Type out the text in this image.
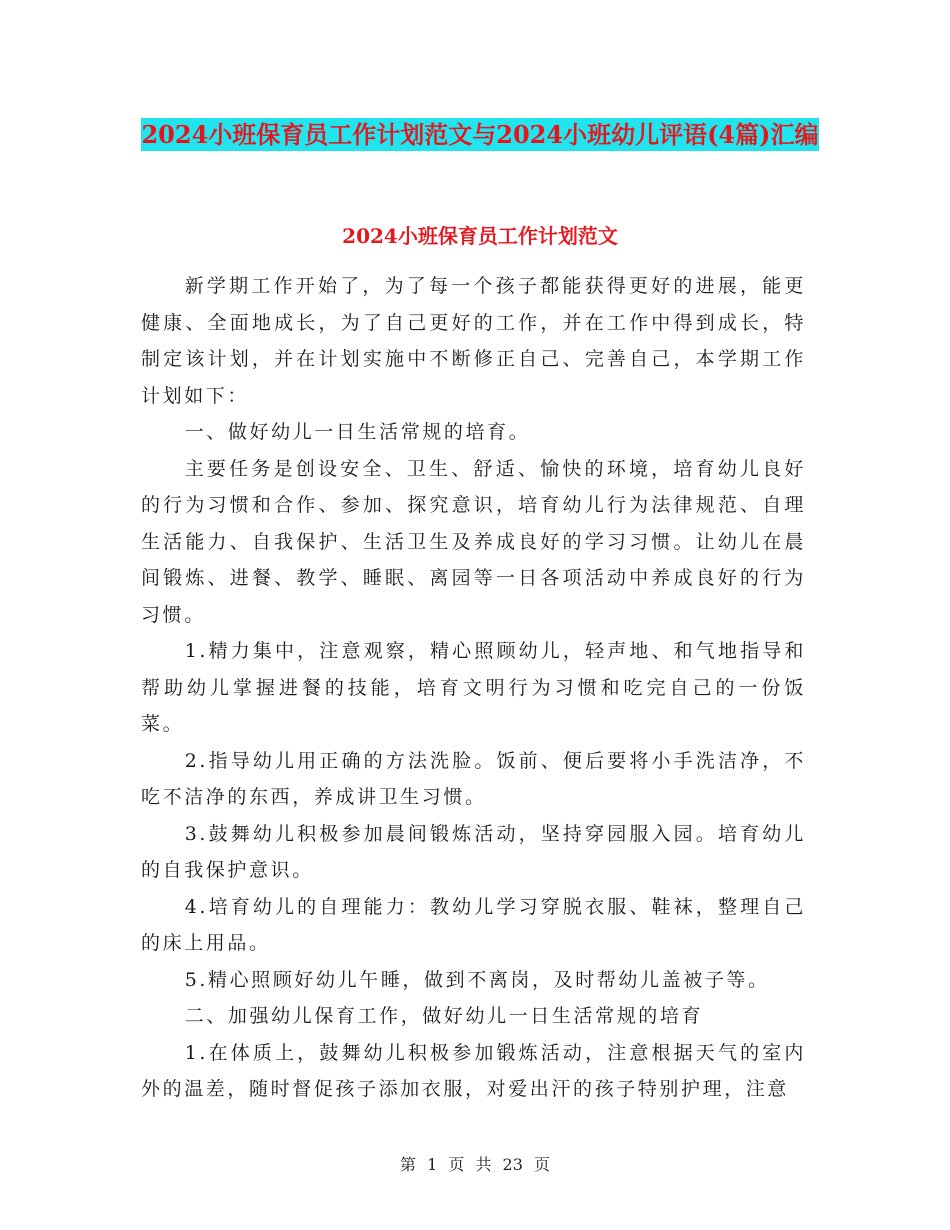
2024小班保育员工作计划范文与2024小班幼儿评语(4篇)汇编
2024小班保育员工作计划范文

新学期工作开始了，为了每一个孩子都能获得更好的进展，能更健康、全面地成长，为了自己更好的工作，并在工作中得到成长，特制定该计划，并在计划实施中不断修正自己、完善自己，本学期工作计划如下：

一、做好幼儿一日生活常规的培育。

主要任务是创设安全、卫生、舒适、愉快的环境，培育幼儿良好的行为习惯和合作、参加、探究意识，培育幼儿行为法律规范、自理生活能力、自我保护、生活卫生及养成良好的学习习惯。让幼儿在晨间锻炼、进餐、教学、睡眠、离园等一日各项活动中养成良好的行为习惯。

1.精力集中，注意观察，精心照顾幼儿，轻声地、和气地指导和帮助幼儿掌握进餐的技能，培育文明行为习惯和吃完自己的一份饭菜。

2.指导幼儿用正确的方法洗脸。饭前、便后要将小手洗洁净，不吃不洁净的东西，养成讲卫生习惯。

3.鼓舞幼儿积极参加晨间锻炼活动，坚持穿园服入园。培育幼儿的自我保护意识。

4.培育幼儿的自理能力：教幼儿学习穿脱衣服、鞋袜，整理自己的床上用品。

5.精心照顾好幼儿午睡，做到不离岗，及时帮幼儿盖被子等。

二、加强幼儿保育工作，做好幼儿一日生活常规的培育

1.在体质上，鼓舞幼儿积极参加锻炼活动，注意根据天气的室内外的温差，随时督促孩子添加衣服，对爱出汗的孩子特别护理，注意

第 1 页 共 23 页
